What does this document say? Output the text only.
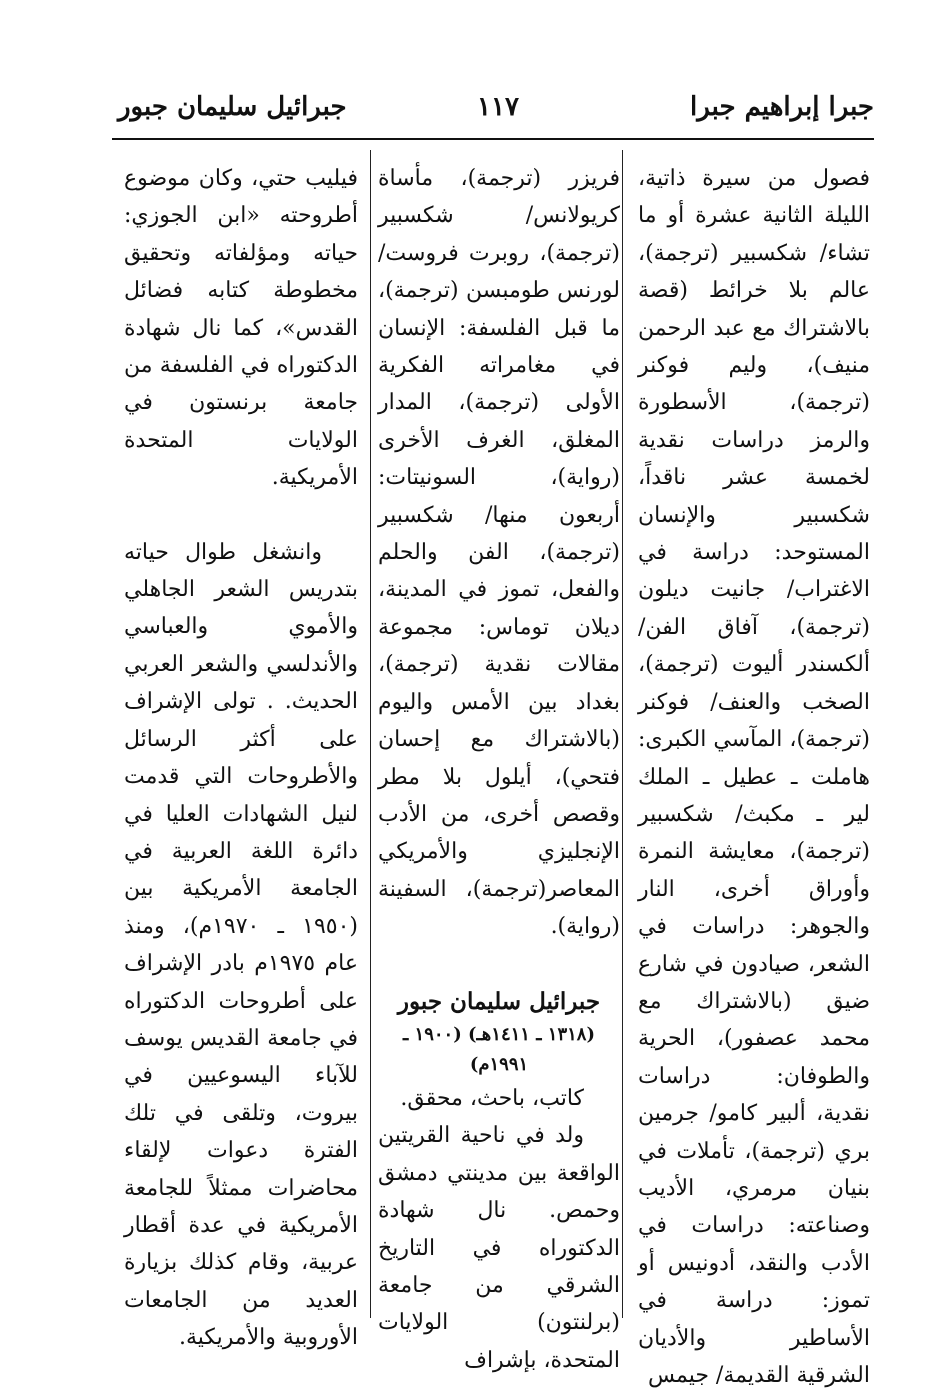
جبرا إبراهيم جبرا
١١٧
جبرائيل سليمان جبور

فصول من سيرة ذاتية، الليلة الثانية عشرة أو ما تشاء/ شكسبير (ترجمة)، عالم بلا خرائط (قصة بالاشتراك مع عبد الرحمن منيف)، وليم فوكنر (ترجمة)، الأسطورة والرمز دراسات نقدية لخمسة عشر ناقداً، شكسبير والإنسان المستوحد: دراسة في الاغتراب/ جانيت ديلون (ترجمة)، آفاق الفن/ ألكسندر أليوت (ترجمة)، الصخب والعنف/ فوكنر (ترجمة)، المآسي الكبرى: هاملت ـ عطيل ـ الملك لير ـ مكبث/ شكسبير (ترجمة)، معايشة النمرة وأوراق أخرى، النار والجوهر: دراسات في الشعر، صيادون في شارع ضيق (بالاشتراك مع محمد عصفور)، الحرية والطوفان: دراسات نقدية، ألبير كامو/ جرمين بري (ترجمة)، تأملات في بنيان مرمري، الأديب وصناعته: دراسات في الأدب والنقد، أدونيس أو تموز: دراسة في الأساطير والأديان الشرقية القديمة/ جيمس

فريزر (ترجمة)، مأساة كريولانس/ شكسبير (ترجمة)، روبرت فروست/ لورنس طومبسن (ترجمة)، ما قبل الفلسفة: الإنسان في مغامراته الفكرية الأولى (ترجمة)، المدار المغلق، الغرف الأخرى (رواية)، السونيتات: أربعون منها/ شكسبير (ترجمة)، الفن والحلم والفعل، تموز في المدينة، ديلان توماس: مجموعة مقالات نقدية (ترجمة)، بغداد بين الأمس واليوم (بالاشتراك مع إحسان فتحي)، أيلول بلا مطر وقصص أخرى، من الأدب الإنجليزي والأمريكي المعاصر(ترجمة)، السفينة (رواية).

جبرائيل سليمان جبور

(١٣١٨ ـ ١٤١١هـ) (١٩٠٠ ـ ١٩٩١م)

كاتب، باحث، محقق.

ولد في ناحية القريتين الواقعة بين مدينتي دمشق وحمص. نال شهادة الدكتوراه في التاريخ الشرقي من جامعة (برلنتون) الولايات المتحدة، بإشراف

فيليب حتي، وكان موضوع أطروحته «ابن الجوزي: حياته ومؤلفاته وتحقيق مخطوطة كتابه فضائل القدس»، كما نال شهادة الدكتوراه في الفلسفة من جامعة برنستون في الولايات المتحدة الأمريكية.

وانشغل طوال حياته بتدريس الشعر الجاهلي والأموي والعباسي والأندلسي والشعر العربي الحديث. . تولى الإشراف على أكثر الرسائل والأطروحات التي قدمت لنيل الشهادات العليا في دائرة اللغة العربية في الجامعة الأمريكية بين (١٩٥٠ ـ ١٩٧٠م)، ومنذ عام ١٩٧٥م بادر الإشراف على أطروحات الدكتوراه في جامعة القديس يوسف للآباء اليسوعيين في بيروت، وتلقى في تلك الفترة دعوات لإلقاء محاضرات ممثلاً للجامعة الأمريكية في عدة أقطار عربية، وقام كذلك بزيارة العديد من الجامعات الأوروبية والأمريكية.
